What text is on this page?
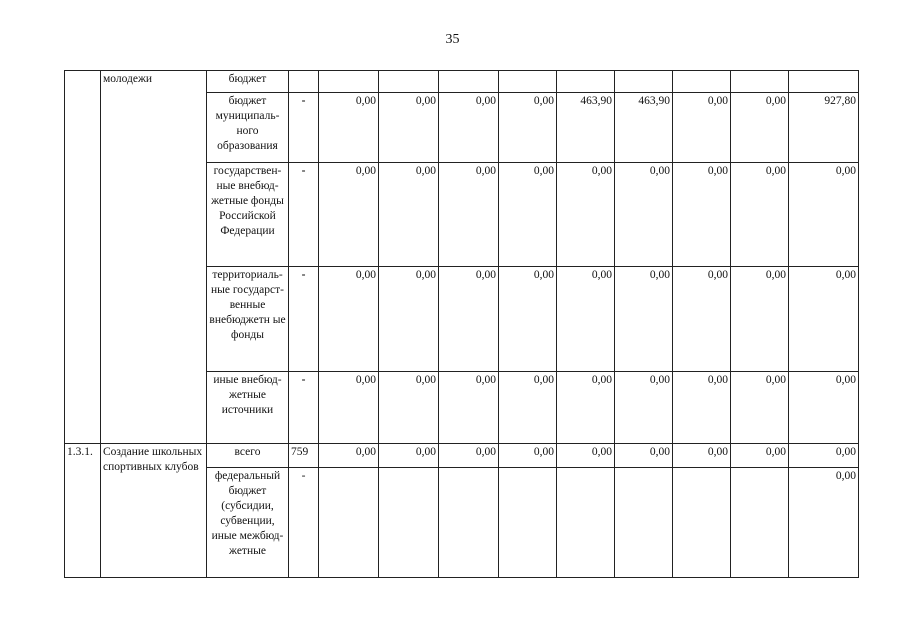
35
	молодежи	бюджет										
		бюджет муниципаль-ного образования	-	0,00	0,00	0,00	0,00	463,90	463,90	0,00	0,00	927,80
		государствен-ные внебюд-жетные фонды Российской Федерации	-	0,00	0,00	0,00	0,00	0,00	0,00	0,00	0,00	0,00
		территориаль-ные государст-венные внебюджетн ые фонды	-	0,00	0,00	0,00	0,00	0,00	0,00	0,00	0,00	0,00
		иные внебюд-жетные источники	-	0,00	0,00	0,00	0,00	0,00	0,00	0,00	0,00	0,00
1.3.1.	Создание школьных спортивных клубов	всего	759	0,00	0,00	0,00	0,00	0,00	0,00	0,00	0,00	0,00
		федеральный бюджет (субсидии, субвенции, иные межбюд-жетные	-									0,00
